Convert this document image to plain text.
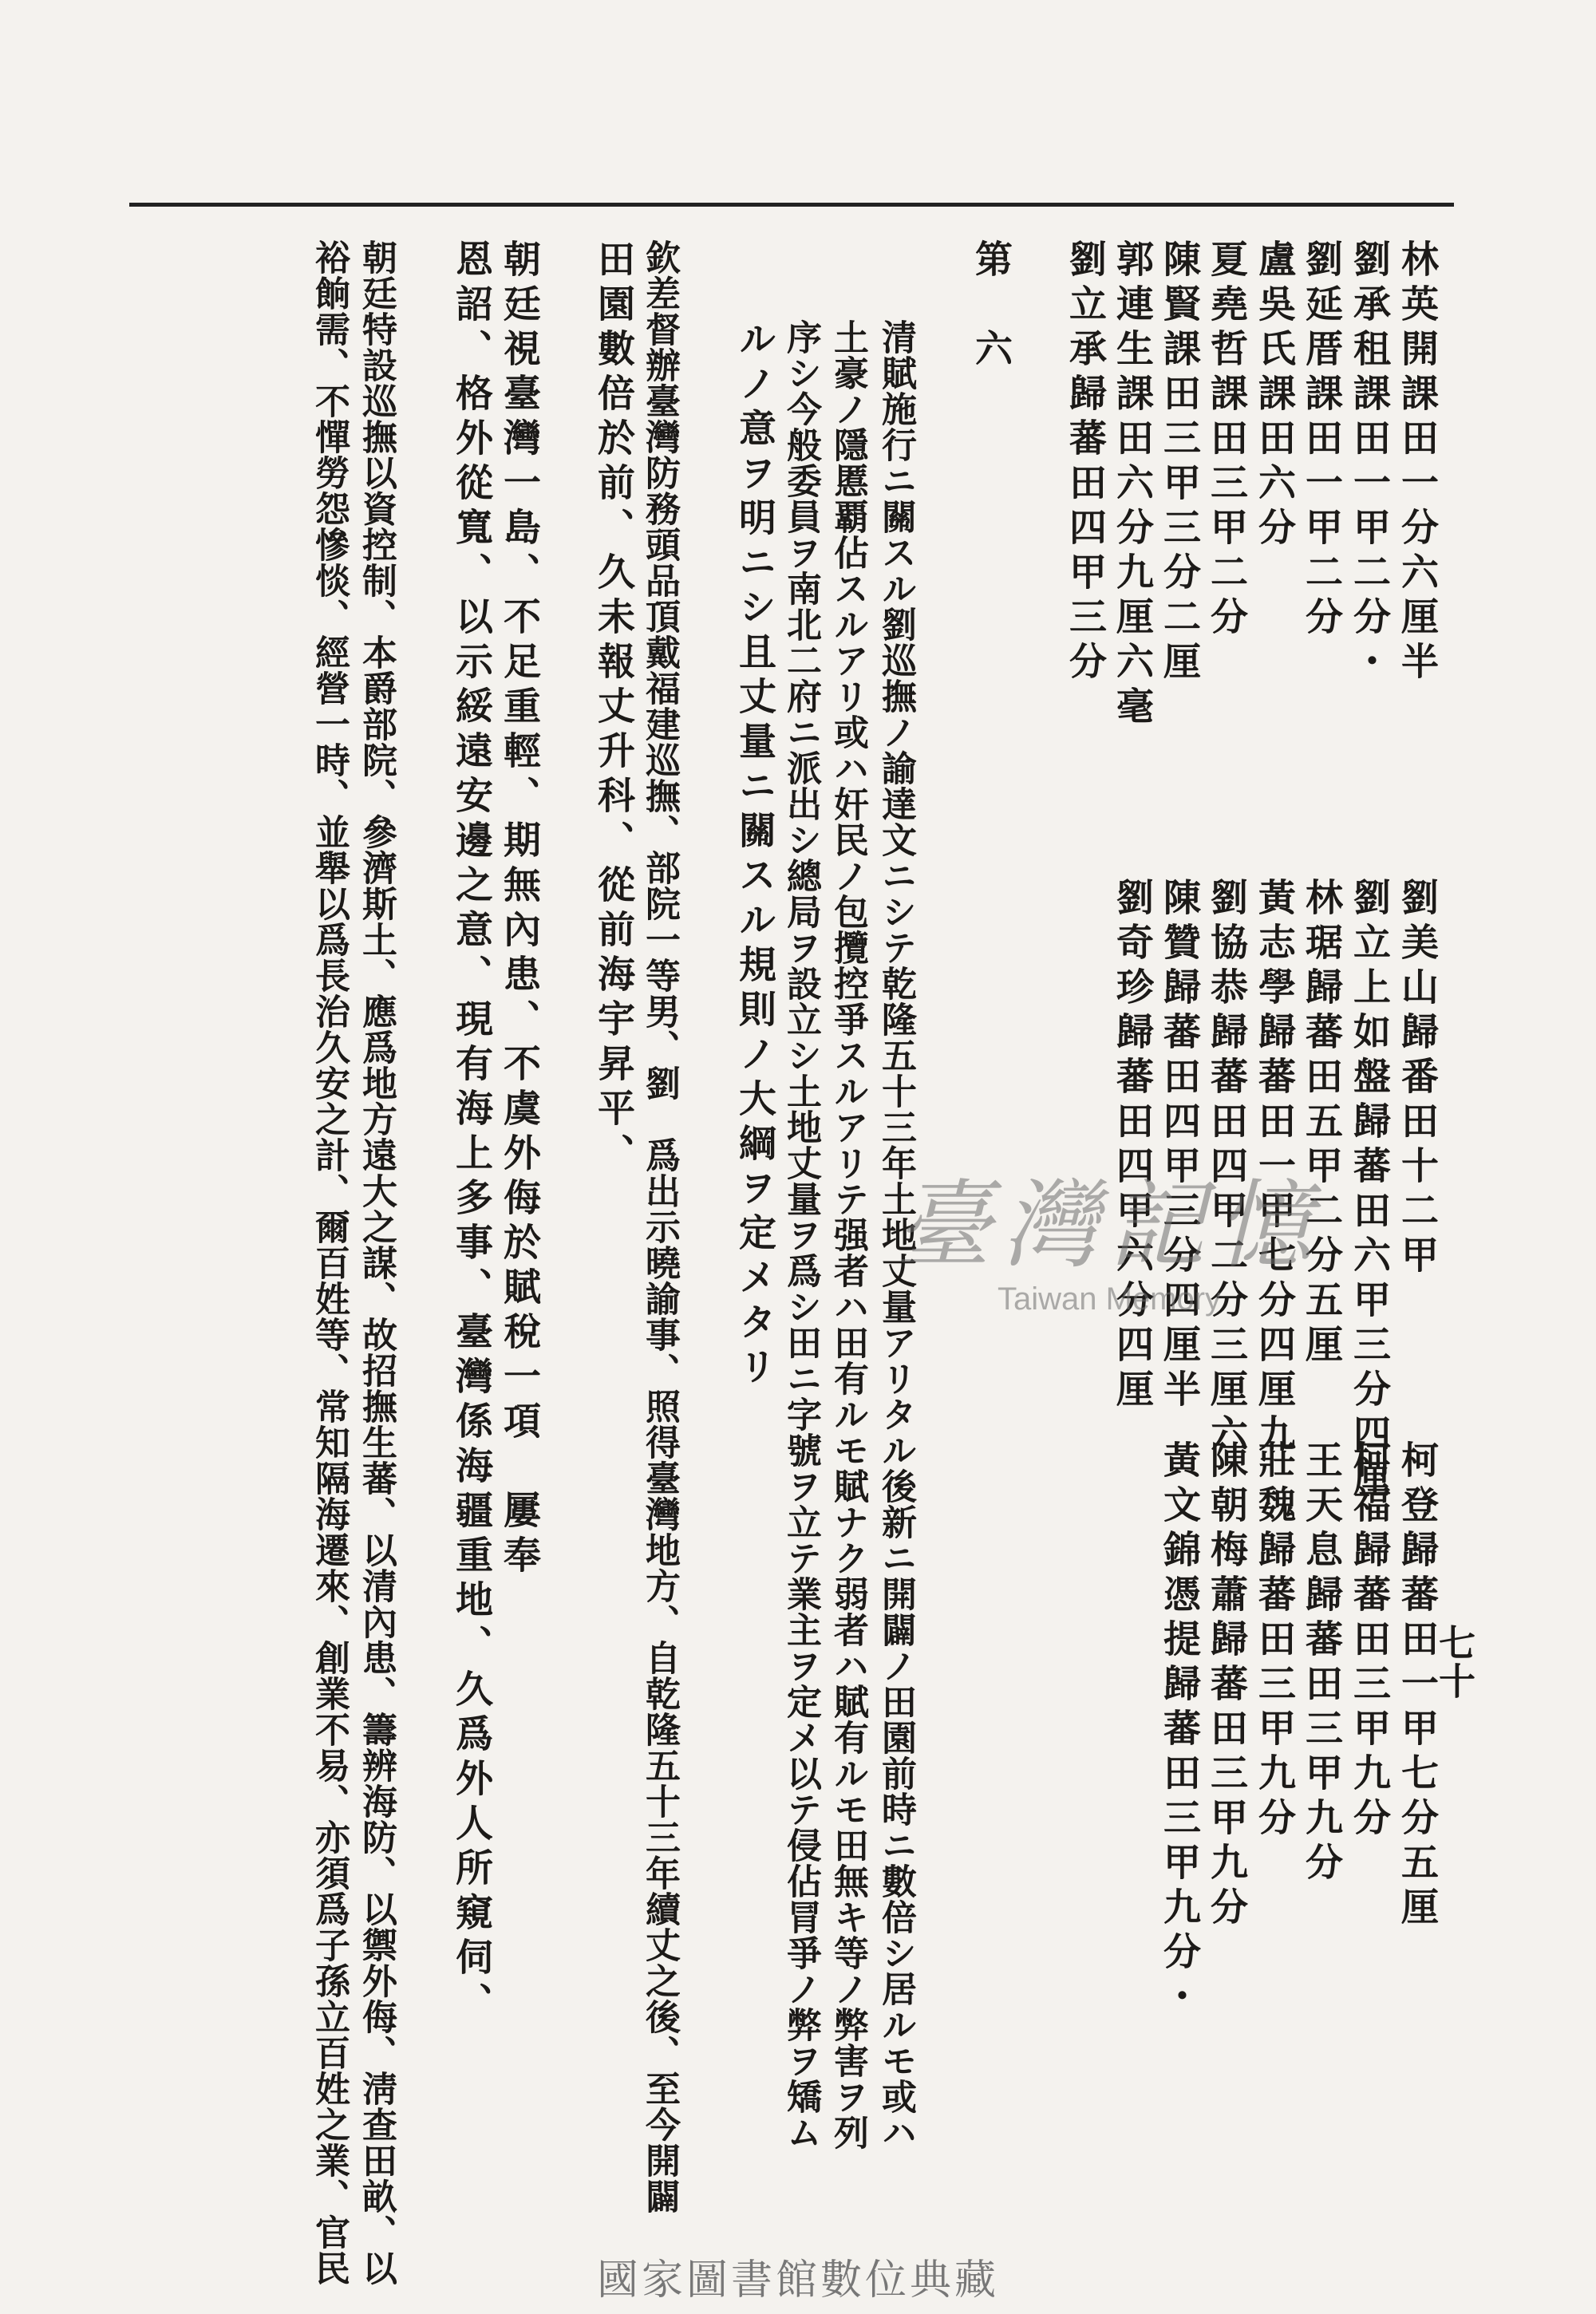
七十
林英開課田一分六厘半
劉承租課田一甲二分・
劉延厝課田一甲二分
盧吳氏課田六分
夏堯哲課田三甲二分
陳賢課田三甲三分二厘
郭連生課田六分九厘六毫
劉立承歸蕃田四甲三分
第　六
清賦施行ニ關スル劉巡撫ノ諭達文ニシテ乾隆五十三年土地丈量アリタル後新ニ開闢ノ田園前時ニ數倍シ居ルモ或ハ
土豪ノ隱慝覇佔スルアリ或ハ奸民ノ包攬控爭スルアリテ强者ハ田有ルモ賦ナク弱者ハ賦有ルモ田無キ等ノ弊害ヲ列
序シ今般委員ヲ南北二府ニ派出シ總局ヲ設立シ土地丈量ヲ爲シ田ニ字號ヲ立テ業主ヲ定メ以テ侵佔冐爭ノ弊ヲ矯ム
ルノ意ヲ明ニシ且丈量ニ關スル規則ノ大綱ヲ定メタリ
欽差督辦臺灣防務頭品頂戴福建巡撫、部院一等男、劉　爲出示曉諭事、照得臺灣地方、自乾隆五十三年續丈之後、至今開闢
田園數倍於前、久未報丈升科、從前海宇昇平、
朝廷視臺灣一島、不足重輕、期無內患、不虞外侮於賦稅一項　屢奉
恩詔、格外從寬、以示綏遠安邊之意、現有海上多事、臺灣係海疆重地、久爲外人所窺伺、
朝廷特設巡撫以資控制、本爵部院、參濟斯土、應爲地方遠大之謀、故招撫生蕃、以清內患、籌辨海防、以禦外侮、淸查田畝、以
裕餉需、不憚勞怨慘惔、經營一時、並舉以爲長治久安之計、爾百姓等、常知隔海遷來、創業不易、亦須爲子孫立百姓之業、官民	劉美山歸番田十二甲
劉立上如盤歸蕃田六甲三分四厘
林琚歸蕃田五甲二分五厘
黃志學歸蕃田一甲七分四厘九
劉協恭歸蕃田四甲二分三厘六
陳贊歸蕃田四甲三分四厘半
劉奇珍歸蕃田四甲六分四厘
柯登歸蕃田一甲七分五厘
柯福歸蕃田三甲九分
王天息歸蕃田三甲九分
莊魏歸蕃田三甲九分
陳朝梅蕭歸蕃田三甲九分
黃文錦憑提歸蕃田三甲九分・
臺灣記憶
Taiwan Memory
國家圖書館數位典藏
